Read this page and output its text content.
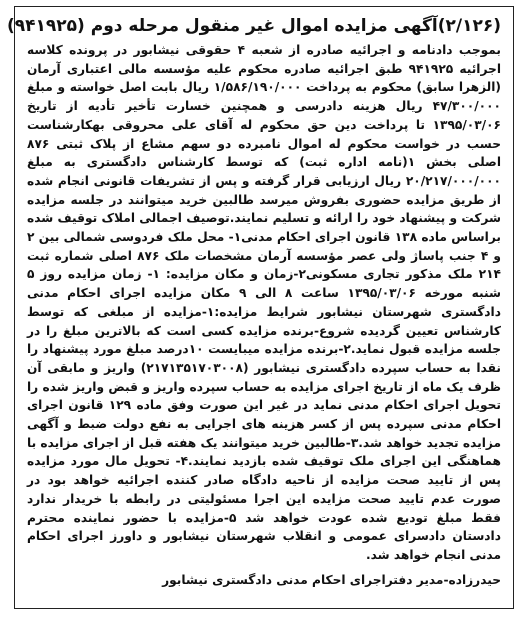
(۲/۱۲۶)آگهی مزایده اموال غیر منقول مرحله دوم (۹۴۱۹۲۵)

بموجب دادنامه و اجرائیه صادره از شعبه ۴ حقوقی نیشابور در پرونده کلاسه اجرائیه ۹۴۱۹۲۵ طبق اجرائیه صادره محکوم علیه مؤسسه مالی اعتباری آرمان (الزهرا سابق) محکوم به پرداخت ۱/۵۸۶/۱۹۰/۰۰۰ ریال بابت اصل خواسته و مبلغ ۴۷/۳۰۰/۰۰۰ ریال هزینه دادرسی و همچنین خسارت تأخیر تأدیه از تاریخ ۱۳۹۵/۰۳/۰۶ تا پرداخت دین حق محکوم له آقای علی محروقی بهکارشناست حسب در خواست محکوم له اموال نامبرده دو سهم مشاع از پلاک ثبتی ۸۷۶ اصلی بخش ۱(نامه اداره ثبت) که توسط کارشناس دادگستری به مبلغ ۲۰/۲۱۷/۰۰۰/۰۰۰ ریال ارزیابی قرار گرفته و پس از تشریفات قانونی انجام شده از طریق مزایده حضوری بفروش میرسد طالبین خرید میتوانند در جلسه مزایده شرکت و پیشنهاد خود را ارائه و تسلیم نمایند.توصیف اجمالی املاک توقیف شده براساس ماده ۱۳۸ قانون اجرای احکام مدنی۱- محل ملک فردوسی شمالی بین ۲ و ۴ جنب پاساژ ولی عصر مؤسسه آرمان مشخصات ملک ۸۷۶ اصلی شماره ثبت ۲۱۴ ملک مذکور تجاری مسکونی۲-زمان و مکان مزایده: ۱- زمان مزایده روز ۵ شنبه مورخه ۱۳۹۵/۰۳/۰۶ ساعت ۸ الی ۹ مکان مزایده اجرای احکام مدنی دادگستری شهرستان نیشابور شرایط مزایده:۱-مزایده از مبلغی که توسط کارشناس تعیین گردیده شروع-برنده مزایده کسی است که بالاترین مبلغ را در جلسه مزایده قبول نماید.۲-برنده مزایده میبایست ۱۰درصد مبلغ مورد پیشنهاد را نقدا به حساب سپرده دادگستری نیشابور (۲۱۷۱۳۵۱۷۰۳۰۰۸) واریز و مابقی آن ظرف یک ماه از تاریخ اجرای مزایده به حساب سپرده واریز و قبض واریز شده را تحویل اجرای احکام مدنی نماید در غیر این صورت وفق ماده ۱۲۹ قانون اجرای احکام مدنی سپرده پس از کسر هزینه های اجرایی به نفع دولت ضبط و آگهی مزایده تجدید خواهد شد.۳-طالبین خرید میتوانند یک هفته قبل از اجرای مزایده با هماهنگی این اجرای ملک توقیف شده بازدید نمایند.۴- تحویل مال مورد مزایده پس از تایید صحت مزایده از ناحیه دادگاه صادر کننده اجرائیه خواهد بود در صورت عدم تایید صحت مزایده این اجرا مسئولیتی در رابطه با خریدار ندارد فقط مبلغ تودیع شده عودت خواهد شد ۵-مزایده با حضور نماینده محترم دادستان دادسرای عمومی و انقلاب شهرستان نیشابور و داورز اجرای احکام مدنی انجام خواهد شد.

حیدرزاده-مدیر دفتراجرای احکام مدنی دادگستری نیشابور
